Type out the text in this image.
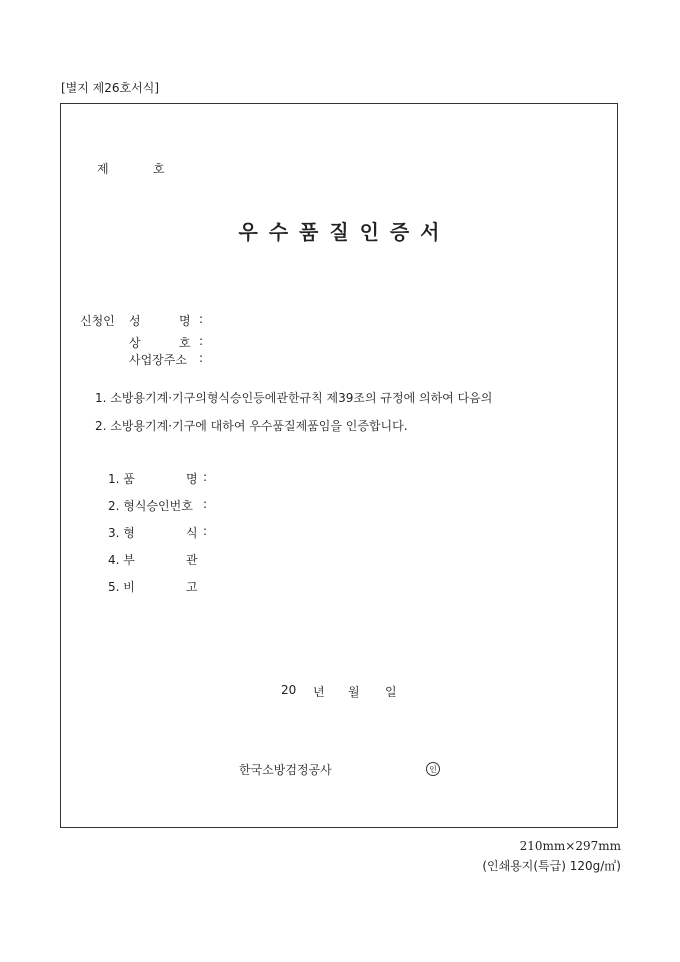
[별지 제26호서식]
제	호
우 수 품 질 인 증 서
신청인 성	명 :
상	호 :
사업장주소 :
1. 소방용기계·기구의형식승인등에관한규칙 제39조의 규정에 의하여 다음의
2. 소방용기계·기구에 대하여 우수품질제품임을 인증합니다.
1. 품	명 :
2. 형식승인번호 :
3. 형	식 :
4. 부	관
5. 비	고
20 년 월 일
한국소방검정공사	인
210mm×297mm
(인쇄용지(특급) 120g/㎡)
